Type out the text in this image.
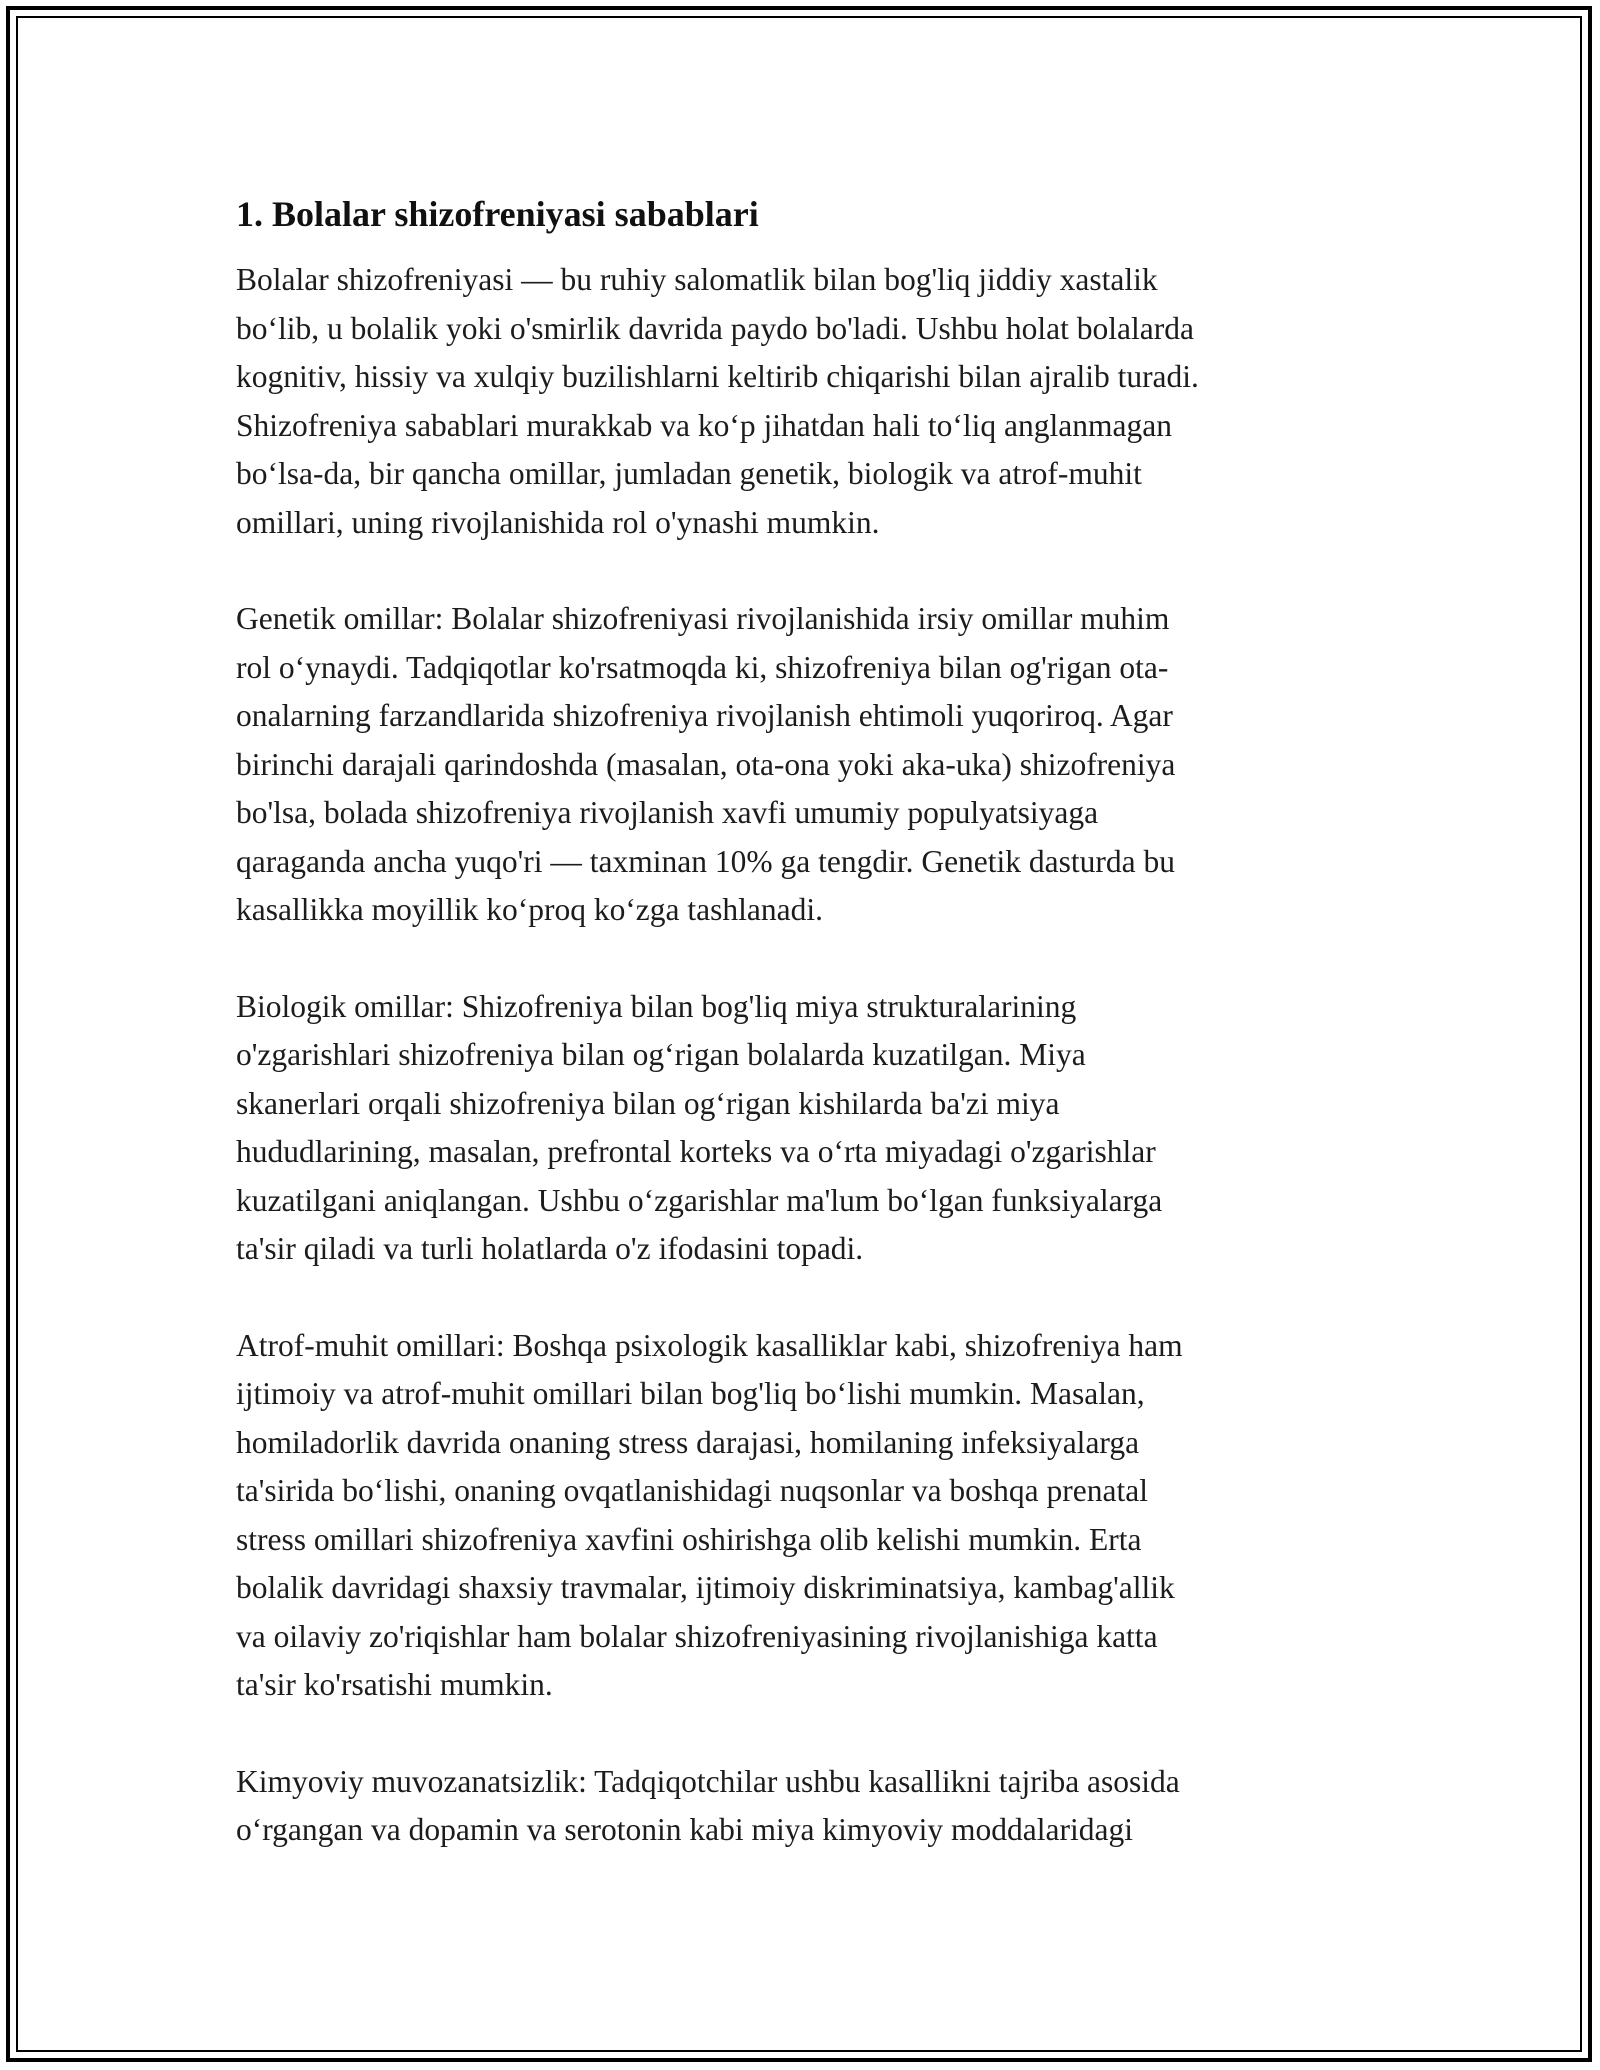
1. Bolalar shizofreniyasi sabablari
Bolalar shizofreniyasi — bu ruhiy salomatlik bilan bog'liq jiddiy xastalik
boʻlib, u bolalik yoki o'smirlik davrida paydo bo'ladi. Ushbu holat bolalarda
kognitiv, hissiy va xulqiy buzilishlarni keltirib chiqarishi bilan ajralib turadi.
Shizofreniya sabablari murakkab va koʻp jihatdan hali toʻliq anglanmagan
boʻlsa-da, bir qancha omillar, jumladan genetik, biologik va atrof-muhit
omillari, uning rivojlanishida rol o'ynashi mumkin.
Genetik omillar: Bolalar shizofreniyasi rivojlanishida irsiy omillar muhim
rol oʻynaydi. Tadqiqotlar ko'rsatmoqda ki, shizofreniya bilan og'rigan ota-
onalarning farzandlarida shizofreniya rivojlanish ehtimoli yuqoriroq. Agar
birinchi darajali qarindoshda (masalan, ota-ona yoki aka-uka) shizofreniya
bo'lsa, bolada shizofreniya rivojlanish xavfi umumiy populyatsiyaga
qaraganda ancha yuqo'ri — taxminan 10% ga tengdir. Genetik dasturda bu
kasallikka moyillik koʻproq koʻzga tashlanadi.
Biologik omillar: Shizofreniya bilan bog'liq miya strukturalarining
o'zgarishlari shizofreniya bilan ogʻrigan bolalarda kuzatilgan. Miya
skanerlari orqali shizofreniya bilan ogʻrigan kishilarda ba'zi miya
hududlarining, masalan, prefrontal korteks va oʻrta miyadagi o'zgarishlar
kuzatilgani aniqlangan. Ushbu oʻzgarishlar ma'lum boʻlgan funksiyalarga
ta'sir qiladi va turli holatlarda o'z ifodasini topadi.
Atrof-muhit omillari: Boshqa psixologik kasalliklar kabi, shizofreniya ham
ijtimoiy va atrof-muhit omillari bilan bog'liq boʻlishi mumkin. Masalan,
homiladorlik davrida onaning stress darajasi, homilaning infeksiyalarga
ta'sirida boʻlishi, onaning ovqatlanishidagi nuqsonlar va boshqa prenatal
stress omillari shizofreniya xavfini oshirishga olib kelishi mumkin. Erta
bolalik davridagi shaxsiy travmalar, ijtimoiy diskriminatsiya, kambag'allik
va oilaviy zo'riqishlar ham bolalar shizofreniyasining rivojlanishiga katta
ta'sir ko'rsatishi mumkin.
Kimyoviy muvozanatsizlik: Tadqiqotchilar ushbu kasallikni tajriba asosida
oʻrgangan va dopamin va serotonin kabi miya kimyoviy moddalaridagi
